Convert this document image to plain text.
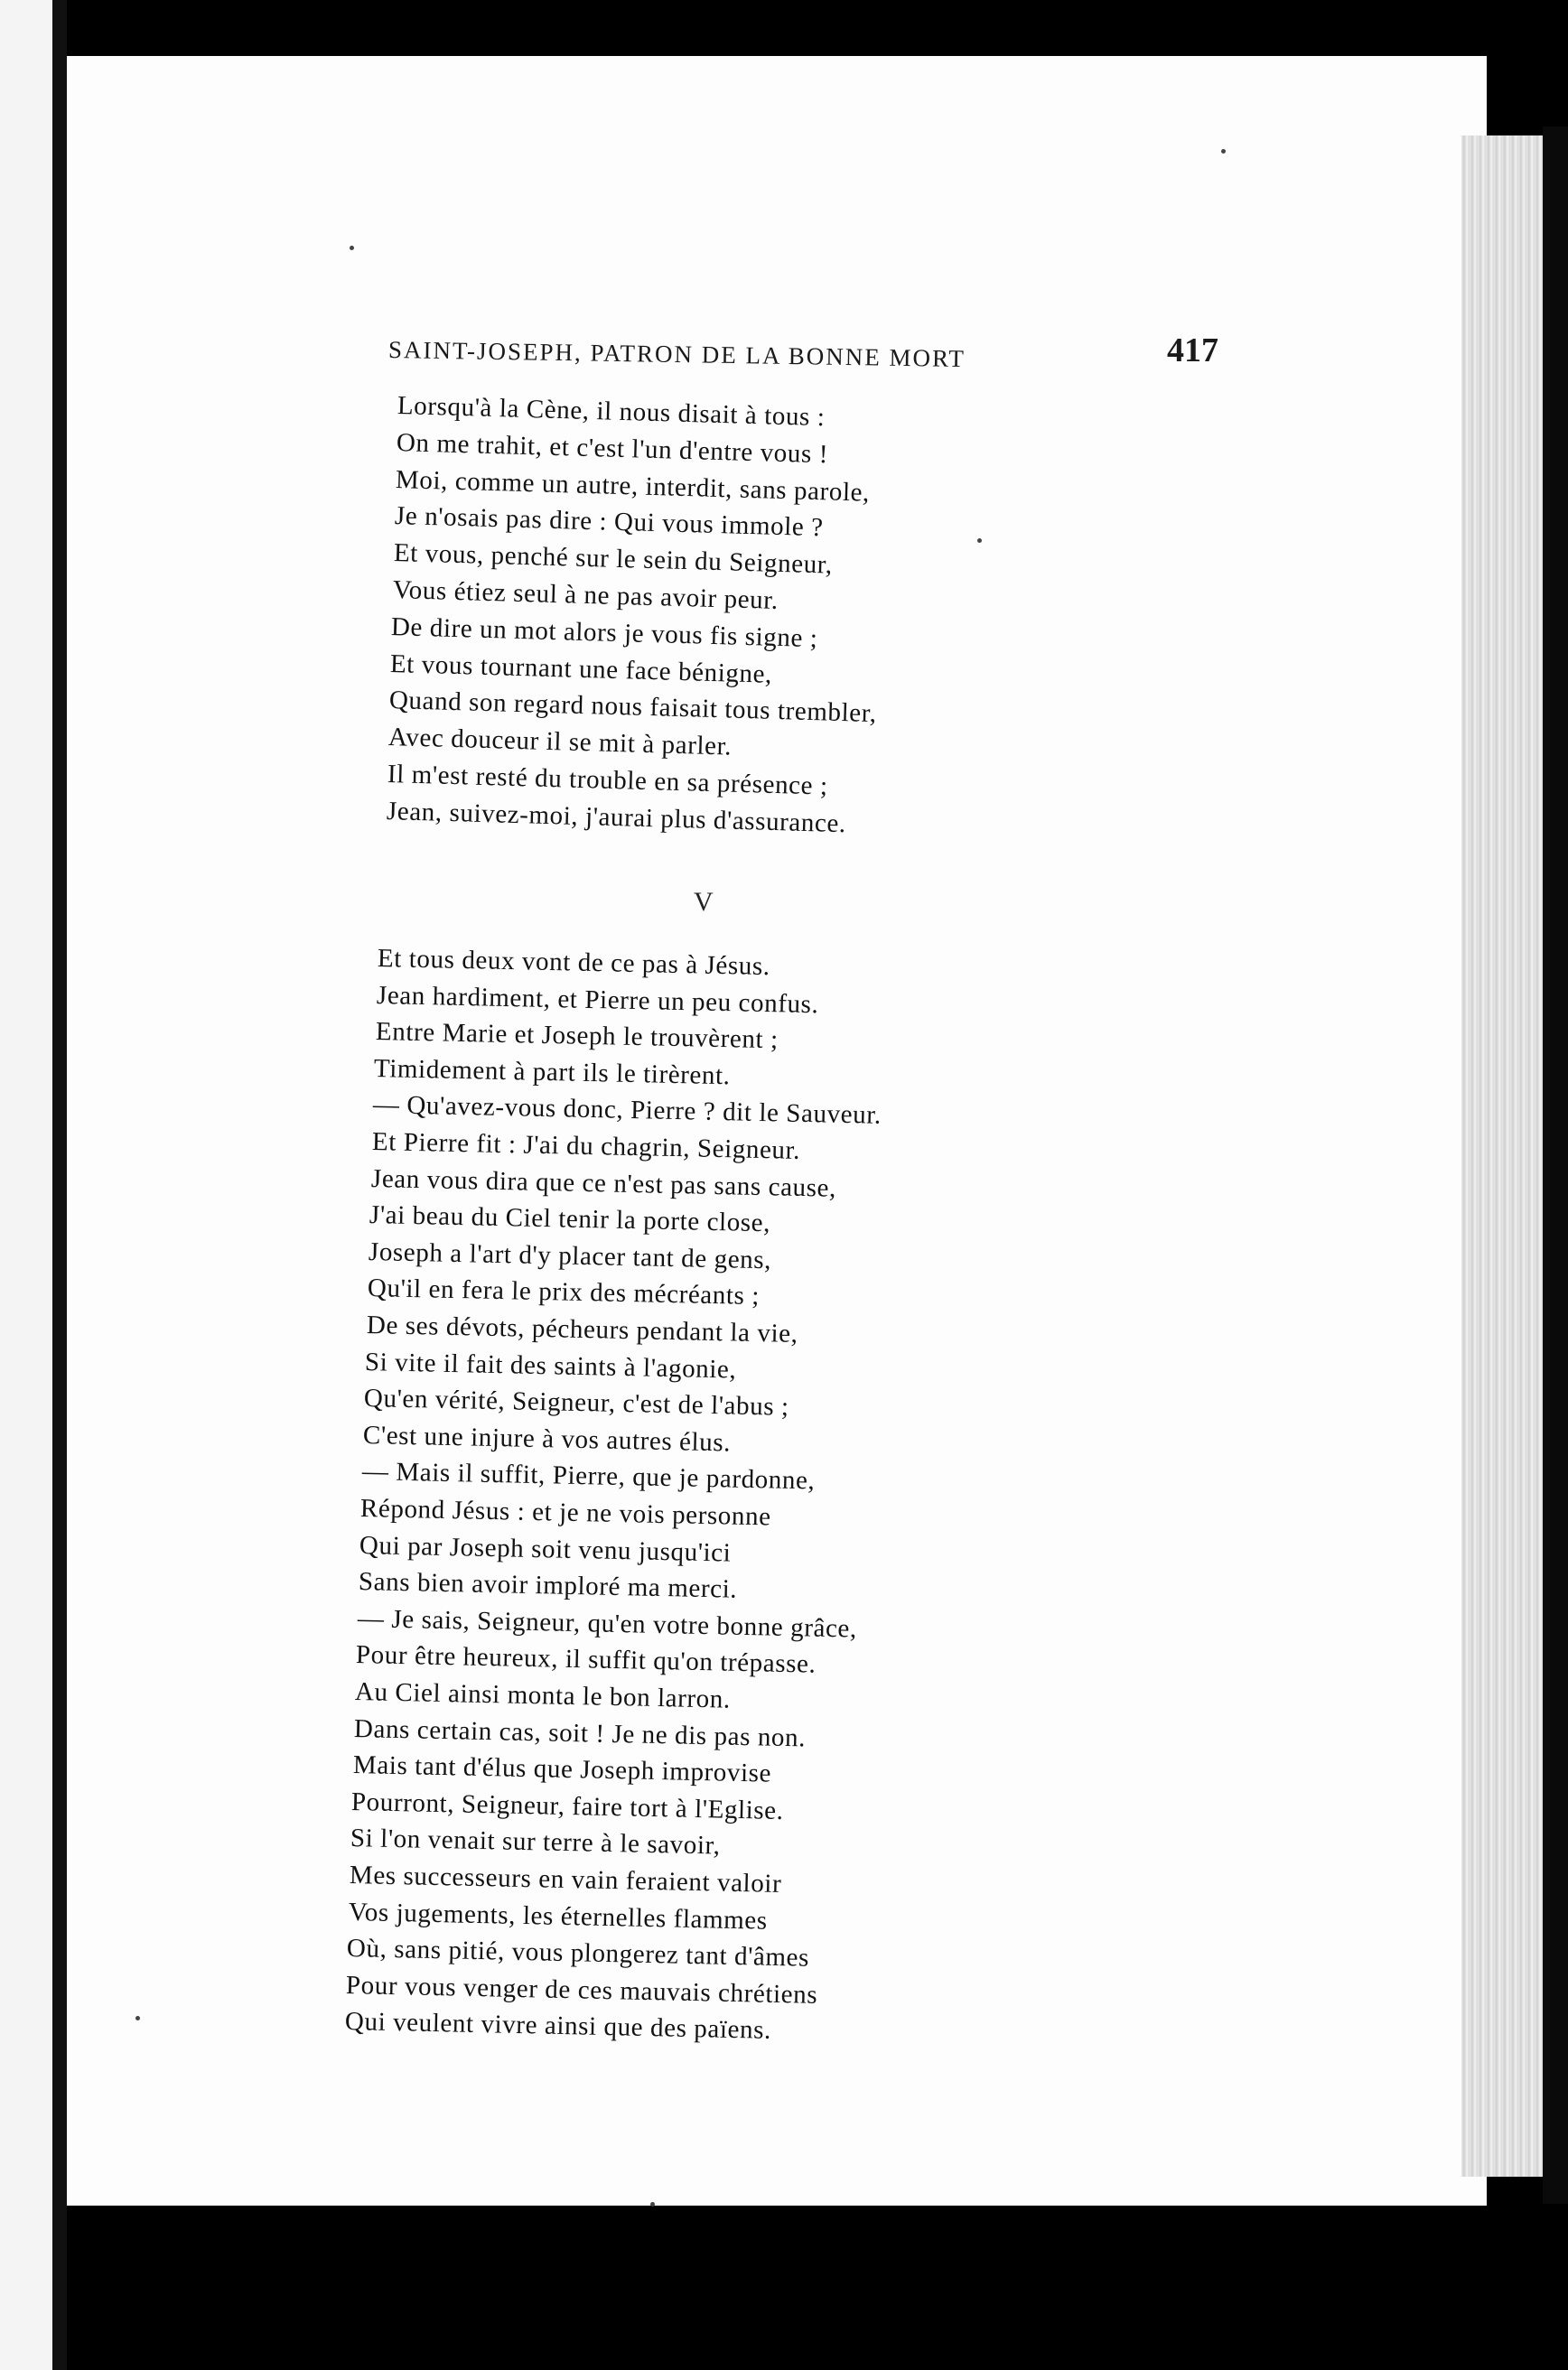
SAINT-JOSEPH, PATRON DE LA BONNE MORT	417
Lorsqu'à la Cène, il nous disait à tous :
On me trahit, et c'est l'un d'entre vous !
Moi, comme un autre, interdit, sans parole,
Je n'osais pas dire : Qui vous immole ?
Et vous, penché sur le sein du Seigneur,
Vous étiez seul à ne pas avoir peur.
De dire un mot alors je vous fis signe ;
Et vous tournant une face bénigne,
Quand son regard nous faisait tous trembler,
Avec douceur il se mit à parler.
Il m'est resté du trouble en sa présence ;
Jean, suivez-moi, j'aurai plus d'assurance.
V
Et tous deux vont de ce pas à Jésus.
Jean hardiment, et Pierre un peu confus.
Entre Marie et Joseph le trouvèrent ;
Timidement à part ils le tirèrent.
— Qu'avez-vous donc, Pierre ? dit le Sauveur.
Et Pierre fit : J'ai du chagrin, Seigneur.
Jean vous dira que ce n'est pas sans cause,
J'ai beau du Ciel tenir la porte close,
Joseph a l'art d'y placer tant de gens,
Qu'il en fera le prix des mécréants ;
De ses dévots, pécheurs pendant la vie,
Si vite il fait des saints à l'agonie,
Qu'en vérité, Seigneur, c'est de l'abus ;
C'est une injure à vos autres élus.
— Mais il suffit, Pierre, que je pardonne,
Répond Jésus : et je ne vois personne
Qui par Joseph soit venu jusqu'ici
Sans bien avoir imploré ma merci.
— Je sais, Seigneur, qu'en votre bonne grâce,
Pour être heureux, il suffit qu'on trépasse.
Au Ciel ainsi monta le bon larron.
Dans certain cas, soit ! Je ne dis pas non.
Mais tant d'élus que Joseph improvise
Pourront, Seigneur, faire tort à l'Eglise.
Si l'on venait sur terre à le savoir,
Mes successeurs en vain feraient valoir
Vos jugements, les éternelles flammes
Où, sans pitié, vous plongerez tant d'âmes
Pour vous venger de ces mauvais chrétiens
Qui veulent vivre ainsi que des païens.
